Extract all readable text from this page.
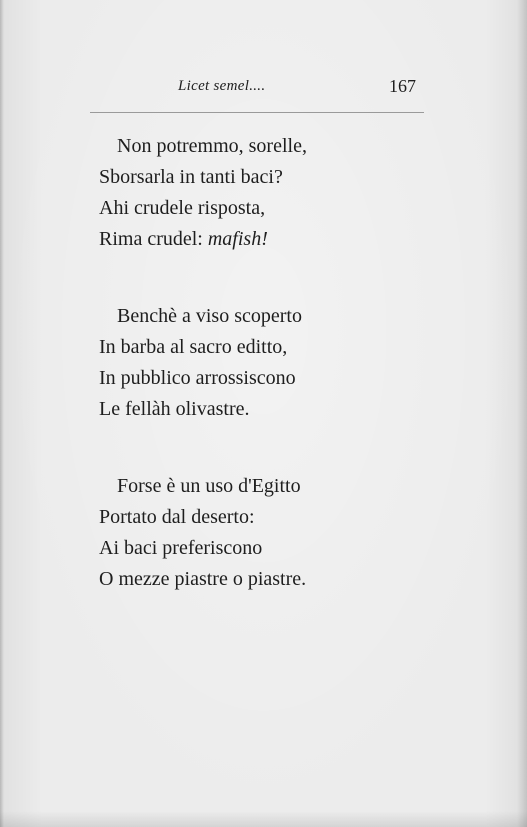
Licet semel....	167
Non potremmo, sorelle,
Sborsarla in tanti baci?
Ahi crudele risposta,
Rima crudel: mafish!
Benchè a viso scoperto
In barba al sacro editto,
In pubblico arrossiscono
Le fellàh olivastre.
Forse è un uso d'Egitto
Portato dal deserto:
Ai baci preferiscono
O mezze piastre o piastre.
